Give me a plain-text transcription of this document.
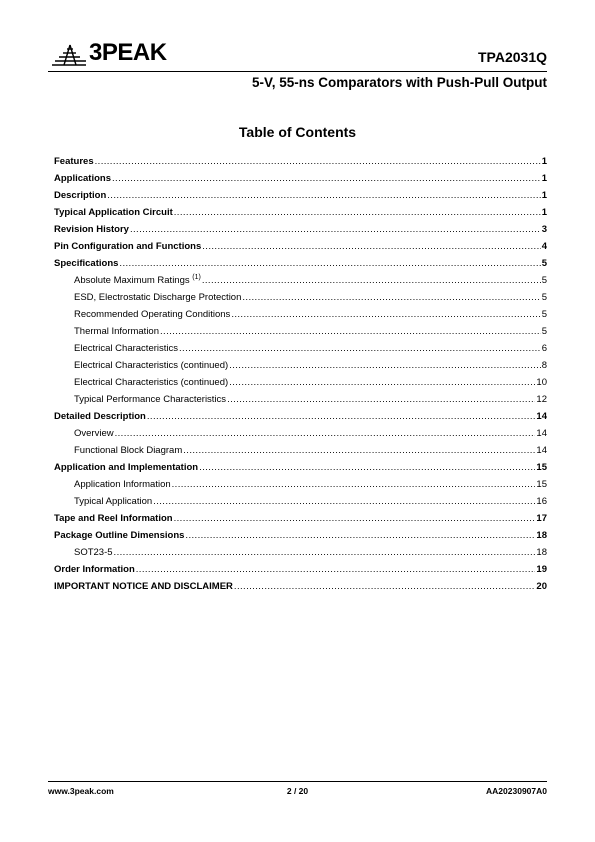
3PEAK	TPA2031Q
5-V, 55-ns Comparators with Push-Pull Output
Table of Contents
Features .....	1
Applications .....	1
Description .....	1
Typical Application Circuit .....	1
Revision History .....	3
Pin Configuration and Functions .....	4
Specifications .....	5
Absolute Maximum Ratings $^{(1)}$ .....	5
ESD, Electrostatic Discharge Protection .....	5
Recommended Operating Conditions .....	5
Thermal Information .....	5
Electrical Characteristics .....	6
Electrical Characteristics (continued) .....	8
Electrical Characteristics (continued) .....	10
Typical Performance Characteristics .....	12
Detailed Description .....	14
Overview .....	14
Functional Block Diagram .....	14
Application and Implementation .....	15
Application Information .....	15
Typical Application .....	16
Tape and Reel Information .....	17
Package Outline Dimensions .....	18
SOT23-5 .....	18
Order Information .....	19
IMPORTANT NOTICE AND DISCLAIMER .....	20
www.3peak.com	2 / 20	AA20230907A0
